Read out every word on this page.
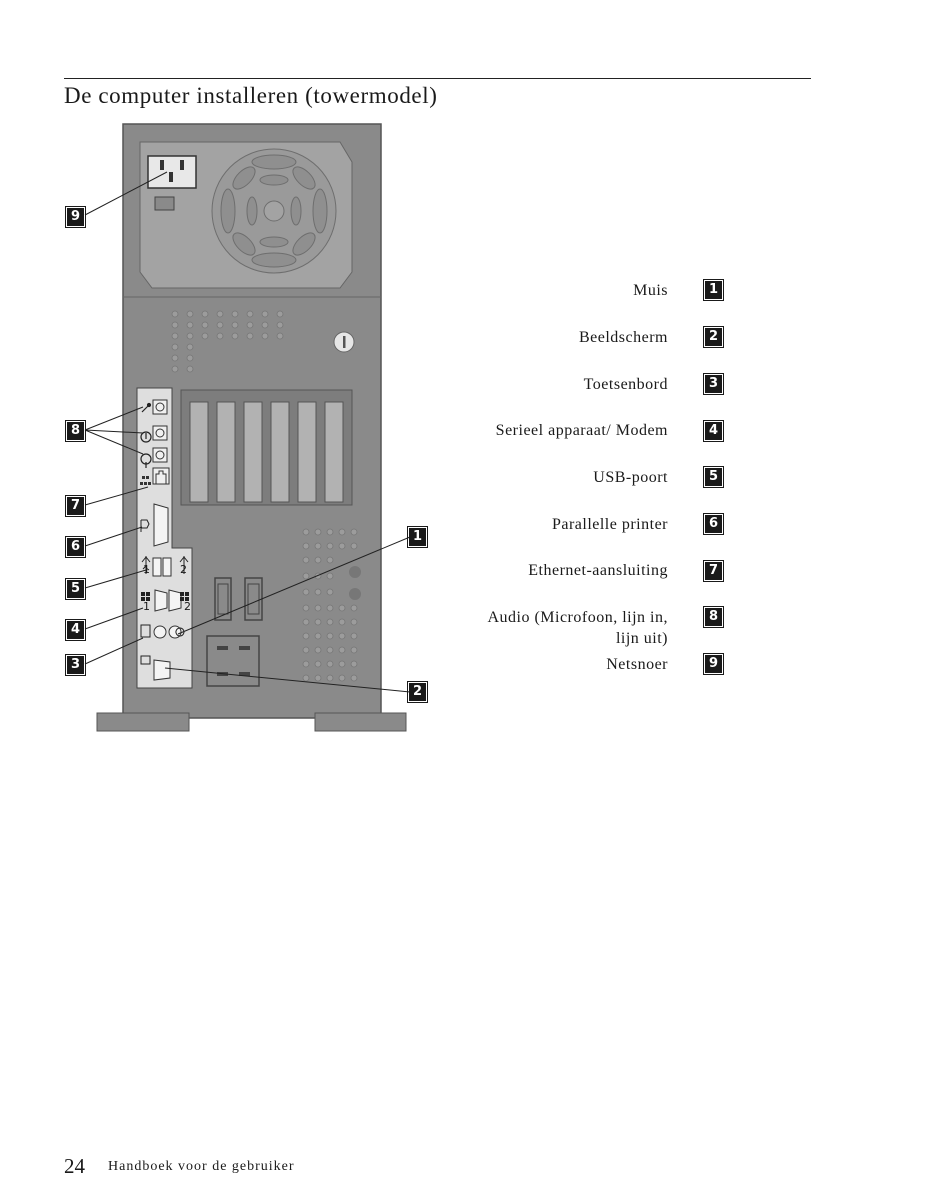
De computer installeren (towermodel)
9
8
7
6
5
4
3
1
2
1	2
1	2
Muis	1
Beeldscherm	2
Toetsenbord	3
Serieel apparaat/ Modem	4
USB-poort	5
Parallelle printer	6
Ethernet-aansluiting	7
Audio (Microfoon, lijn in,
lijn uit)
8
Netsnoer	9
24 Handboek voor de gebruiker
